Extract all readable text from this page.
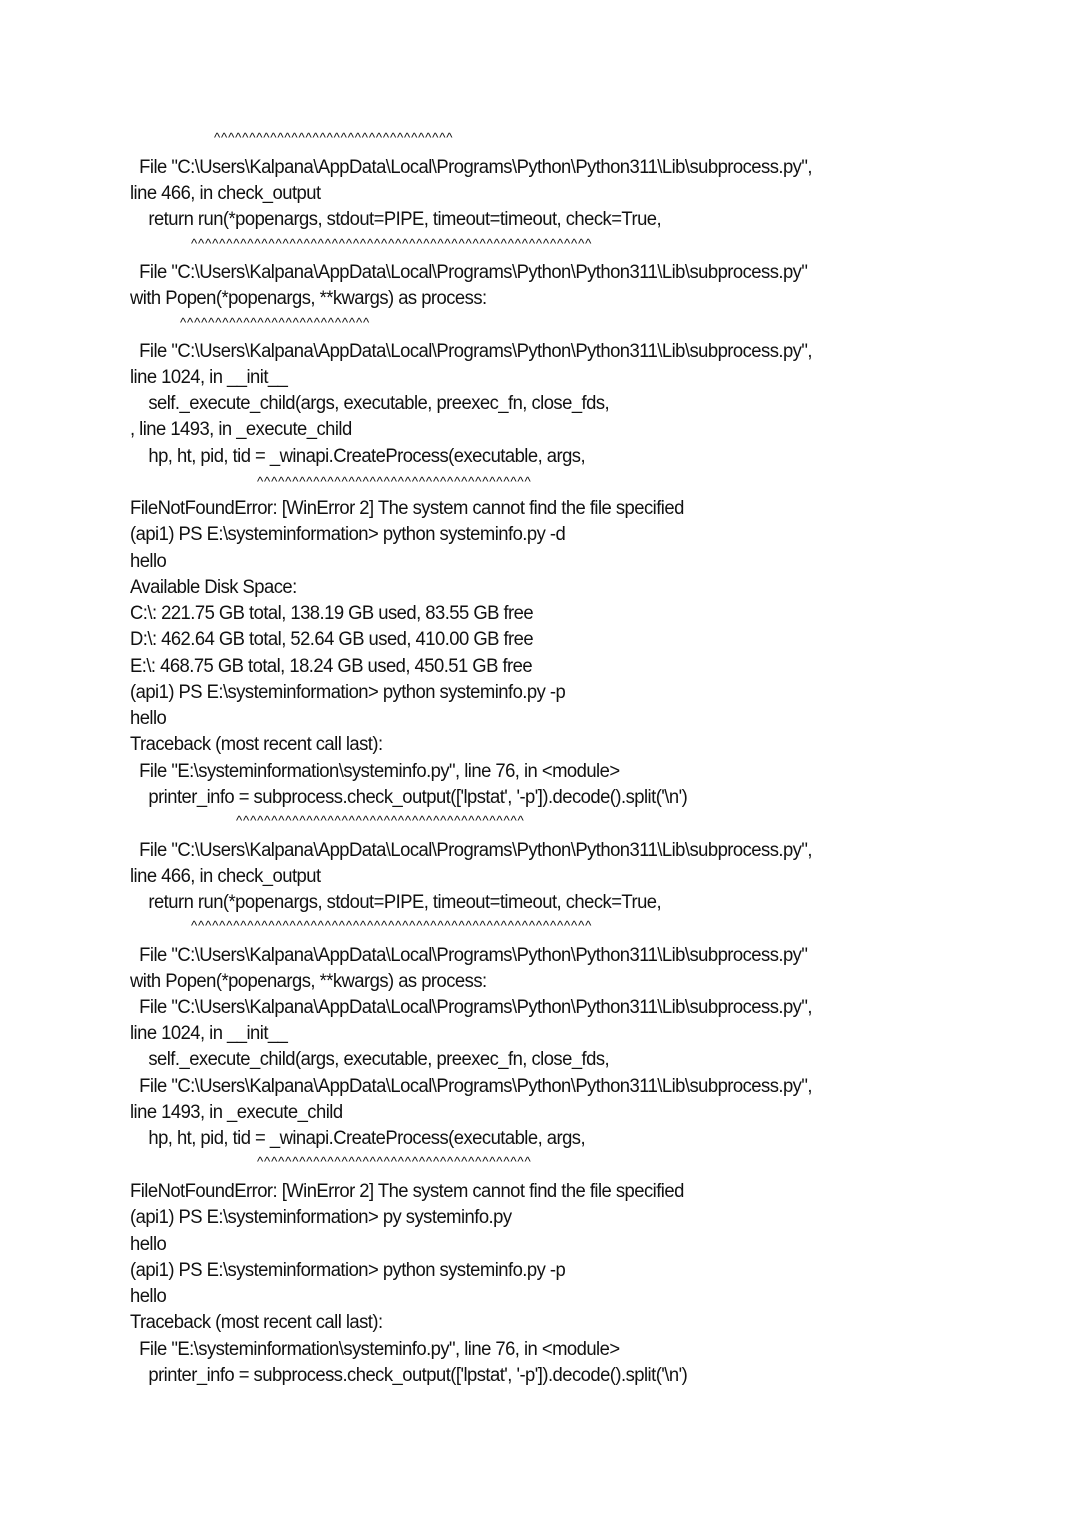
^^^^^^^^^^^^^^^^^^^^^^^^^^^^^^^^^^
File "C:\Users\Kalpana\AppData\Local\Programs\Python\Python311\Lib\subprocess.py",
line 466, in check_output
return run(*popenargs, stdout=PIPE, timeout=timeout, check=True,
^^^^^^^^^^^^^^^^^^^^^^^^^^^^^^^^^^^^^^^^^^^^^^^^^^^^^^^^^
File "C:\Users\Kalpana\AppData\Local\Programs\Python\Python311\Lib\subprocess.py"
with Popen(*popenargs, **kwargs) as process:
^^^^^^^^^^^^^^^^^^^^^^^^^^^
File "C:\Users\Kalpana\AppData\Local\Programs\Python\Python311\Lib\subprocess.py",
line 1024, in __init__
self._execute_child(args, executable, preexec_fn, close_fds,
, line 1493, in _execute_child
hp, ht, pid, tid = _winapi.CreateProcess(executable, args,
^^^^^^^^^^^^^^^^^^^^^^^^^^^^^^^^^^^^^^^
FileNotFoundError: [WinError 2] The system cannot find the file specified
(api1) PS E:\systeminformation> python systeminfo.py -d
hello
Available Disk Space:
C:\: 221.75 GB total, 138.19 GB used, 83.55 GB free
D:\: 462.64 GB total, 52.64 GB used, 410.00 GB free
E:\: 468.75 GB total, 18.24 GB used, 450.51 GB free
(api1) PS E:\systeminformation> python systeminfo.py -p
hello
Traceback (most recent call last):
File "E:\systeminformation\systeminfo.py", line 76, in <module>
printer_info = subprocess.check_output(['lpstat', '-p']).decode().split('\n')
^^^^^^^^^^^^^^^^^^^^^^^^^^^^^^^^^^^^^^^^^
File "C:\Users\Kalpana\AppData\Local\Programs\Python\Python311\Lib\subprocess.py",
line 466, in check_output
return run(*popenargs, stdout=PIPE, timeout=timeout, check=True,
^^^^^^^^^^^^^^^^^^^^^^^^^^^^^^^^^^^^^^^^^^^^^^^^^^^^^^^^^
File "C:\Users\Kalpana\AppData\Local\Programs\Python\Python311\Lib\subprocess.py"
with Popen(*popenargs, **kwargs) as process:
File "C:\Users\Kalpana\AppData\Local\Programs\Python\Python311\Lib\subprocess.py",
line 1024, in __init__
self._execute_child(args, executable, preexec_fn, close_fds,
File "C:\Users\Kalpana\AppData\Local\Programs\Python\Python311\Lib\subprocess.py",
line 1493, in _execute_child
hp, ht, pid, tid = _winapi.CreateProcess(executable, args,
^^^^^^^^^^^^^^^^^^^^^^^^^^^^^^^^^^^^^^^
FileNotFoundError: [WinError 2] The system cannot find the file specified
(api1) PS E:\systeminformation> py systeminfo.py
hello
(api1) PS E:\systeminformation> python systeminfo.py -p
hello
Traceback (most recent call last):
File "E:\systeminformation\systeminfo.py", line 76, in <module>
printer_info = subprocess.check_output(['lpstat', '-p']).decode().split('\n')
